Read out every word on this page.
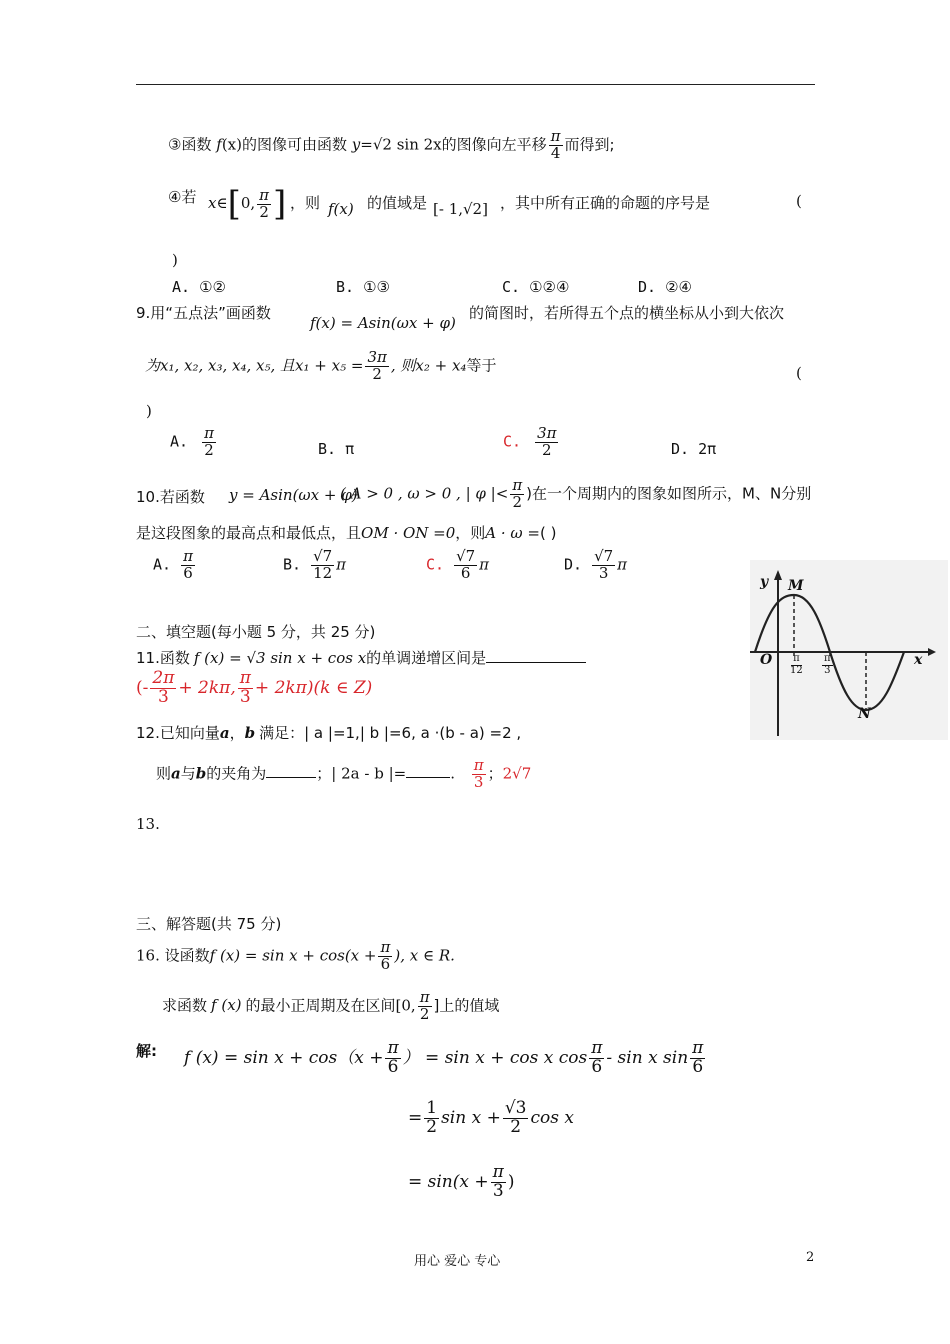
③函数 f(x)的图像可由函数 y=√2 sin 2x的图像向左平移 $\frac{\pi}{4}$ 而得到;
④若 x∈[0, $\frac{\pi}{2}$ ] ，则 f(x) 的值域是 [- 1,√2] ，其中所有正确的命题的序号是	(
)
A. ①②	B. ①③	C. ①②④	D. ②④
9.用“五点法”画函数
f(x) = Asin(ωx + φ)
的简图时，若所得五个点的横坐标从小到大依次
为x₁, x₂, x₃, x₄, x₅, 且$x_1 + x_5 = \frac{3\pi}{2}$ , 则x₂ + x₄等于	(
)
A. $\frac{\pi}{2}$	B. π	C. $\frac{3\pi}{2}$	D. 2π
10.若函数 y = Asin(ωx + φ)
( A > 0 , ω > 0 , | φ |< $\frac{\pi}{2}$ )在一个周期内的图象如图所示，M、N分别
是这段图象的最高点和最低点，且OM · ON =0，则A · ω =( )
A. $\frac{\pi}{6}$	B. $\frac{√7}{12}$ π	C. $\frac{√7}{6}$ π	D. $\frac{√7}{3}$ π
y M
O	x
$\frac{\pi}{12} \frac{\pi}{3}$
N
二、填空题(每小题 5 分，共 25 分)
11.函数 f (x) = √3 sin x + cos x的单调递增区间是
(- $\frac{2\pi}{3} + 2k\pi$, $\frac{\pi}{3} + 2k\pi)(k$ ∈ Z)
12.已知向量a，b 满足：| a |=1,| b |=6, a ·(b - a) =2 ,
则a与b的夹角为	；| 2a - b |=	. $\frac{\pi}{3}$ ；2√7
13.
三、解答题(共 75 分)
16. 设函数f $(x) = \sin x + \cos(x + \frac{\pi}{6}$ ), x ∈ R.
求函数 f (x) 的最小正周期及在区间[0, $\frac{\pi}{2}$ ]上的值域
解: f $(x) = \sin x + \cos(x + \frac{\pi}{6}$ ） = sin x + cos x $\cos \frac{\pi}{6}$ - sin x $\sin \frac{\pi}{6}$
= $\frac{1}{2}$ $\sin x + \frac{√3}{2}$ cos x
= $\sin(x + \frac{\pi}{3}$ )
用心 爱心 专心	2
